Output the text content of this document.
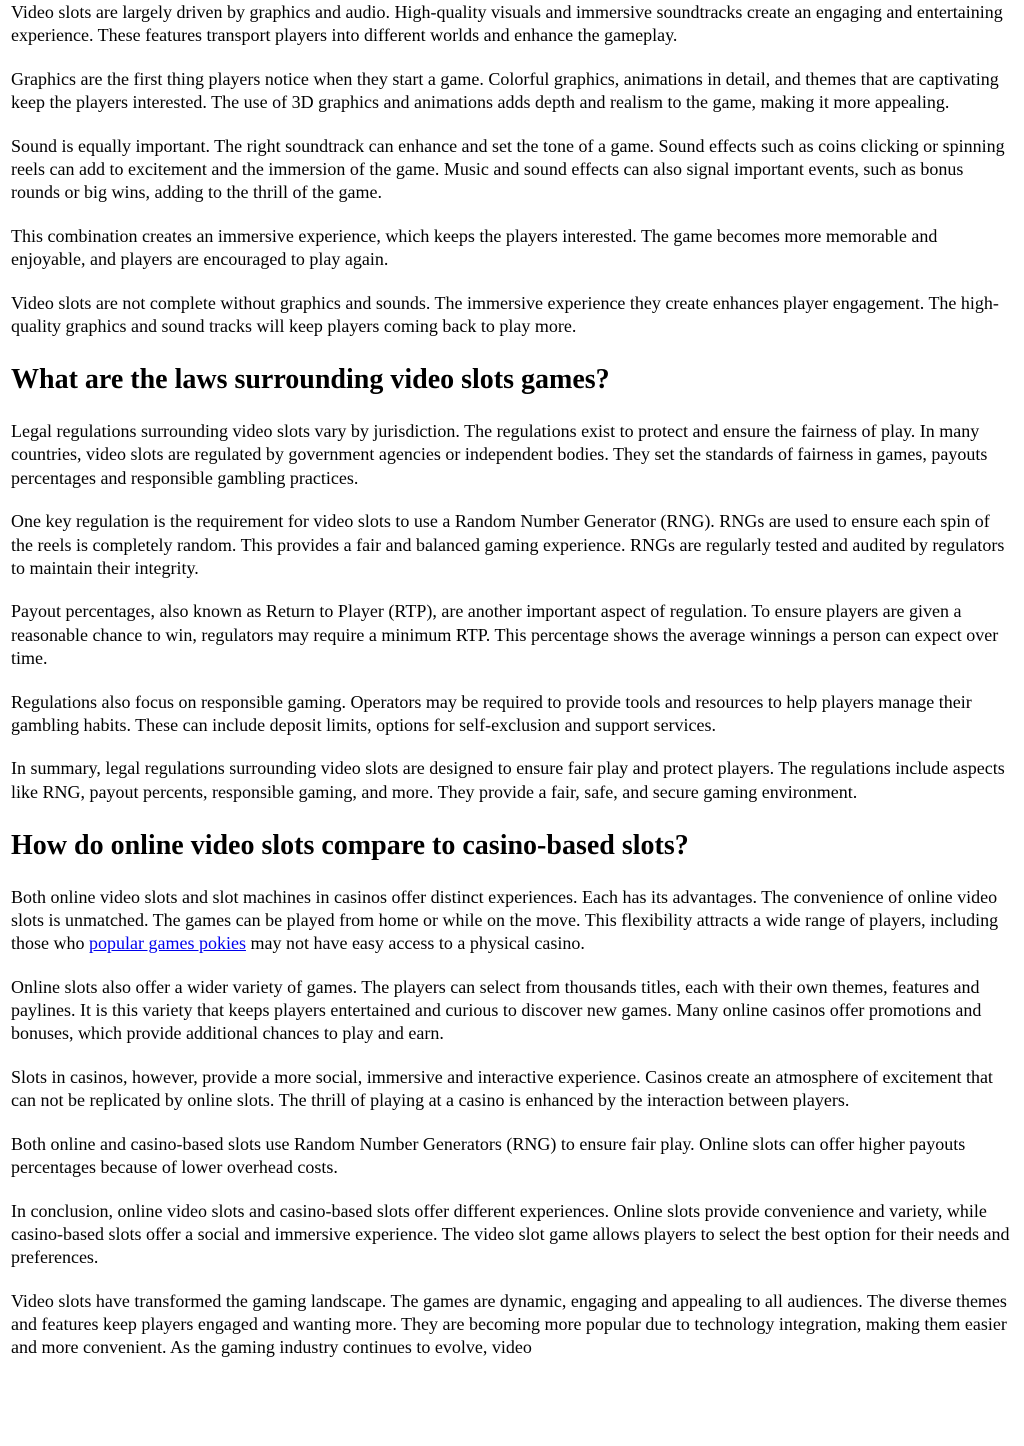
Video slots are largely driven by graphics and audio. High-quality visuals and immersive soundtracks create an engaging and entertaining experience. These features transport players into different worlds and enhance the gameplay.

Graphics are the first thing players notice when they start a game. Colorful graphics, animations in detail, and themes that are captivating keep the players interested. The use of 3D graphics and animations adds depth and realism to the game, making it more appealing.

Sound is equally important. The right soundtrack can enhance and set the tone of a game. Sound effects such as coins clicking or spinning reels can add to excitement and the immersion of the game. Music and sound effects can also signal important events, such as bonus rounds or big wins, adding to the thrill of the game.

This combination creates an immersive experience, which keeps the players interested. The game becomes more memorable and enjoyable, and players are encouraged to play again.

Video slots are not complete without graphics and sounds. The immersive experience they create enhances player engagement. The high-quality graphics and sound tracks will keep players coming back to play more.

What are the laws surrounding video slots games?

Legal regulations surrounding video slots vary by jurisdiction. The regulations exist to protect and ensure the fairness of play. In many countries, video slots are regulated by government agencies or independent bodies. They set the standards of fairness in games, payouts percentages and responsible gambling practices.

One key regulation is the requirement for video slots to use a Random Number Generator (RNG). RNGs are used to ensure each spin of the reels is completely random. This provides a fair and balanced gaming experience. RNGs are regularly tested and audited by regulators to maintain their integrity.

Payout percentages, also known as Return to Player (RTP), are another important aspect of regulation. To ensure players are given a reasonable chance to win, regulators may require a minimum RTP. This percentage shows the average winnings a person can expect over time.

Regulations also focus on responsible gaming. Operators may be required to provide tools and resources to help players manage their gambling habits. These can include deposit limits, options for self-exclusion and support services.

In summary, legal regulations surrounding video slots are designed to ensure fair play and protect players. The regulations include aspects like RNG, payout percents, responsible gaming, and more. They provide a fair, safe, and secure gaming environment.

How do online video slots compare to casino-based slots?

Both online video slots and slot machines in casinos offer distinct experiences. Each has its advantages. The convenience of online video slots is unmatched. The games can be played from home or while on the move. This flexibility attracts a wide range of players, including those who popular games pokies may not have easy access to a physical casino.

Online slots also offer a wider variety of games. The players can select from thousands titles, each with their own themes, features and paylines. It is this variety that keeps players entertained and curious to discover new games. Many online casinos offer promotions and bonuses, which provide additional chances to play and earn.

Slots in casinos, however, provide a more social, immersive and interactive experience. Casinos create an atmosphere of excitement that can not be replicated by online slots. The thrill of playing at a casino is enhanced by the interaction between players.

Both online and casino-based slots use Random Number Generators (RNG) to ensure fair play. Online slots can offer higher payouts percentages because of lower overhead costs.

In conclusion, online video slots and casino-based slots offer different experiences. Online slots provide convenience and variety, while casino-based slots offer a social and immersive experience. The video slot game allows players to select the best option for their needs and preferences.

Video slots have transformed the gaming landscape. The games are dynamic, engaging and appealing to all audiences. The diverse themes and features keep players engaged and wanting more. They are becoming more popular due to technology integration, making them easier and more convenient. As the gaming industry continues to evolve, video
